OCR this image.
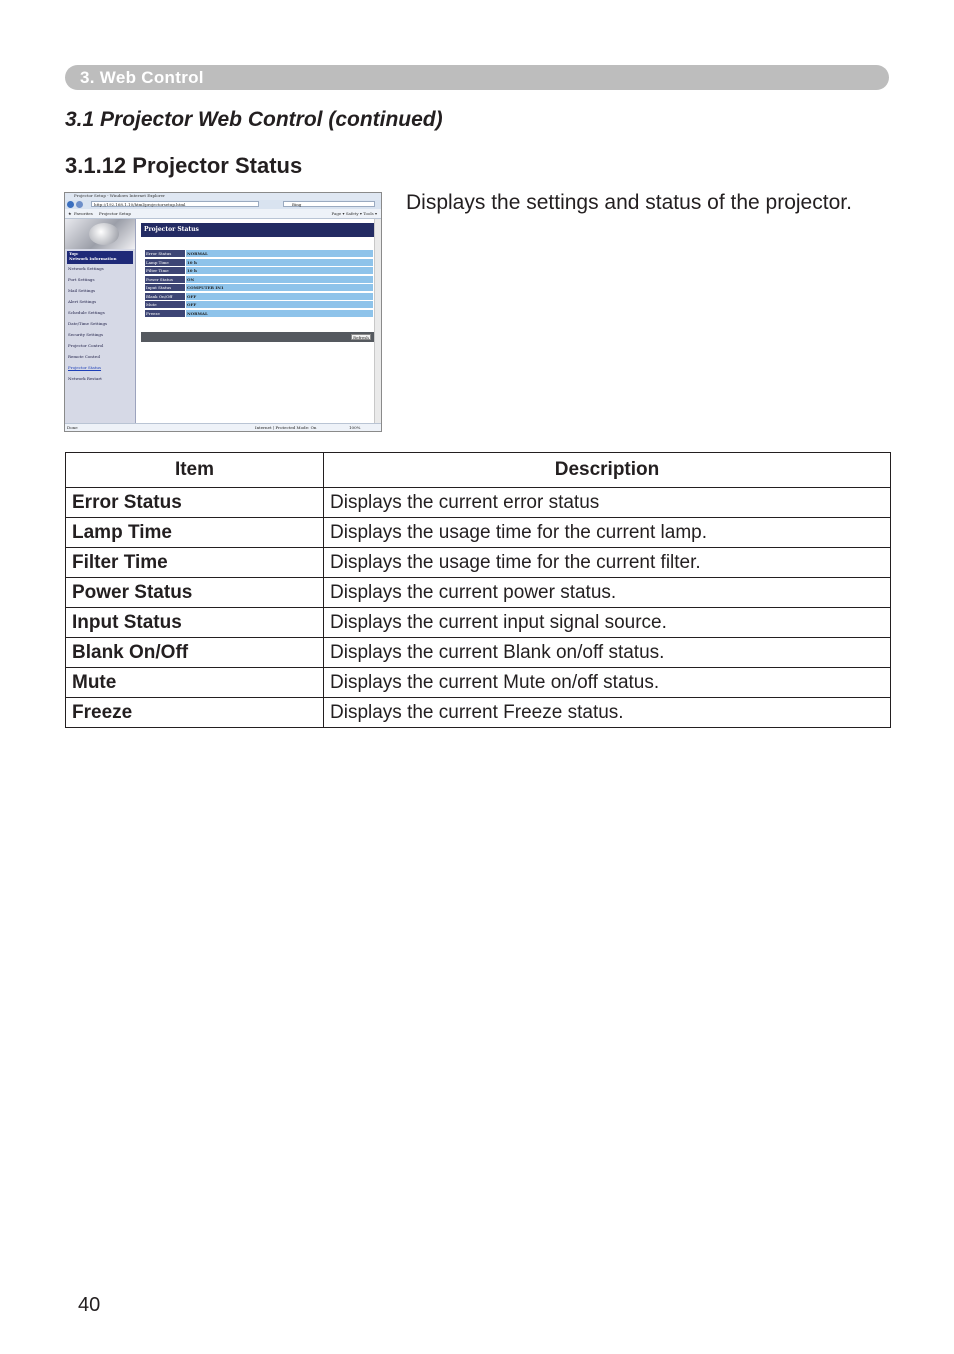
3. Web Control
3.1 Projector Web Control (continued)
3.1.12 Projector Status
Displays the settings and status of the projector.
Projector Setup - Windows Internet Explorer
http://192.168.1.10/html/projectorsetup.html	Bing
★ Favorites Projector Setup	Page ▾ Safety ▾ Tools ▾
Top:
Network Information
Network Settings
Port Settings
Mail Settings
Alert Settings
Schedule Settings
Date/Time Settings
Security Settings
Projector Control
Remote Control
Projector Status
Network Restart
Projector Status
Error Status	NORMAL
Lamp Time	10 h
Filter Time	10 h
Power Status	ON
Input Status	COMPUTER IN1
Blank On/Off	OFF
Mute	OFF
Freeze	NORMAL
Refresh
Done	Internet | Protected Mode: On	100%
Item	Description
Error Status	Displays the current error status
Lamp Time	Displays the usage time for the current lamp.
Filter Time	Displays the usage time for the current filter.
Power Status	Displays the current power status.
Input Status	Displays the current input signal source.
Blank On/Off	Displays the current Blank on/off status.
Mute	Displays the current Mute on/off status.
Freeze	Displays the current Freeze status.
40
